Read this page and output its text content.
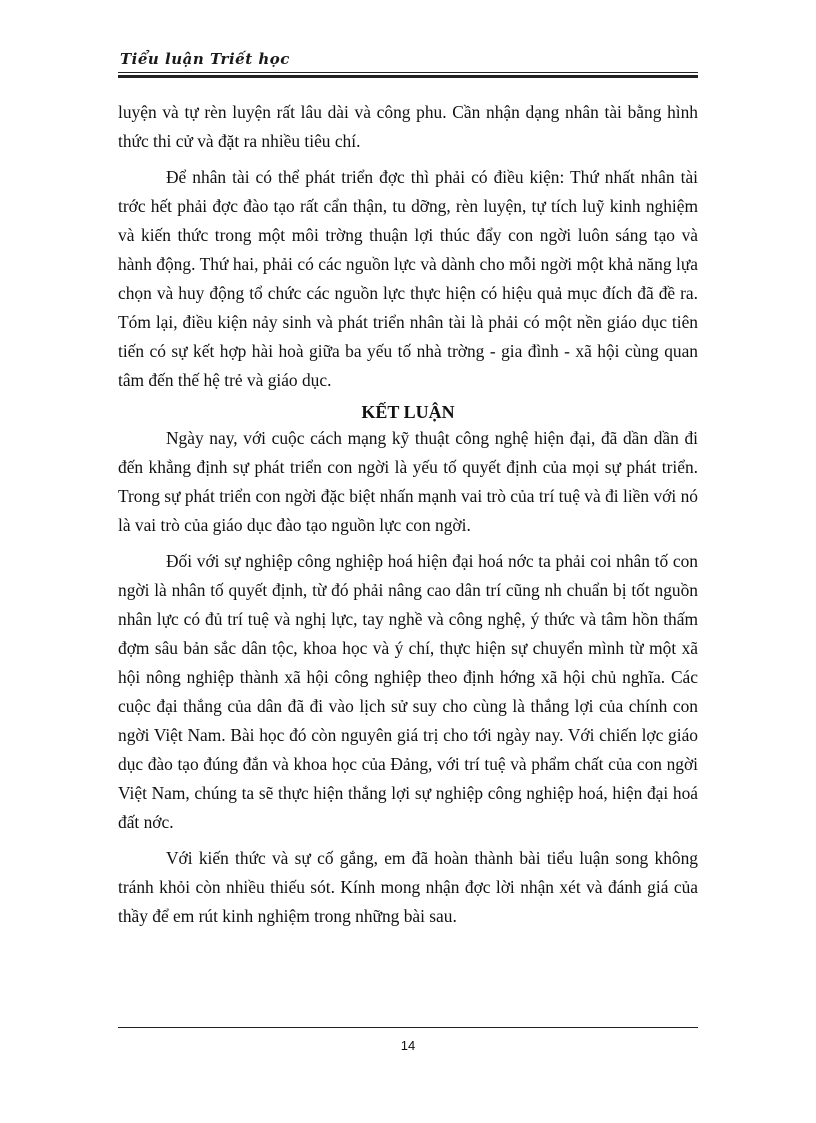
Tiểu luận Triết học

luyện và tự rèn luyện rất lâu dài và công phu. Cần nhận dạng nhân tài bằng hình thức thi cử và đặt ra nhiều tiêu chí.

Để nhân tài có thể phát triển đợc thì phải có điều kiện: Thứ nhất nhân tài trớc hết phải đợc đào tạo rất cẩn thận, tu dỡng, rèn luyện, tự tích luỹ kinh nghiệm và kiến thức trong một môi trờng thuận lợi thúc đẩy con ngời luôn sáng tạo và hành động. Thứ hai, phải có các nguồn lực và dành cho mỗi ngời một khả năng lựa chọn và huy động tổ chức các nguồn lực thực hiện có hiệu quả mục đích đã đề ra. Tóm lại, điều kiện nảy sinh và phát triển nhân tài là phải có một nền giáo dục tiên tiến có sự kết hợp hài hoà giữa ba yếu tố nhà trờng - gia đình - xã hội cùng quan tâm đến thế hệ trẻ và giáo dục.

KẾT LUẬN

Ngày nay, với cuộc cách mạng kỹ thuật công nghệ hiện đại, đã dần dần đi đến khẳng định sự phát triển con ngời là yếu tố quyết định của mọi sự phát triển. Trong sự phát triển con ngời đặc biệt nhấn mạnh vai trò của trí tuệ và đi liền với nó là vai trò của giáo dục đào tạo nguồn lực con ngời.

Đối với sự nghiệp công nghiệp hoá hiện đại hoá nớc ta phải coi nhân tố con ngời là nhân tố quyết định, từ đó phải nâng cao dân trí cũng nh chuẩn bị tốt nguồn nhân lực có đủ trí tuệ và nghị lực, tay nghề và công nghệ, ý thức và tâm hồn thấm đợm sâu bản sắc dân tộc, khoa học và ý chí, thực hiện sự chuyển mình từ một xã hội nông nghiệp thành xã hội công nghiệp theo định hớng xã hội chủ nghĩa. Các cuộc đại thắng của dân đã đi vào lịch sử suy cho cùng là thắng lợi của chính con ngời Việt Nam. Bài học đó còn nguyên giá trị cho tới ngày nay. Với chiến lợc giáo dục đào tạo đúng đắn và khoa học của Đảng, với trí tuệ và phẩm chất của con ngời Việt Nam, chúng ta sẽ thực hiện thắng lợi sự nghiệp công nghiệp hoá, hiện đại hoá đất nớc.

Với kiến thức và sự cố gắng, em đã hoàn thành bài tiểu luận song không tránh khỏi còn nhiều thiếu sót. Kính mong nhận đợc lời nhận xét và đánh giá của thầy để em rút kinh nghiệm trong những bài sau.

14
